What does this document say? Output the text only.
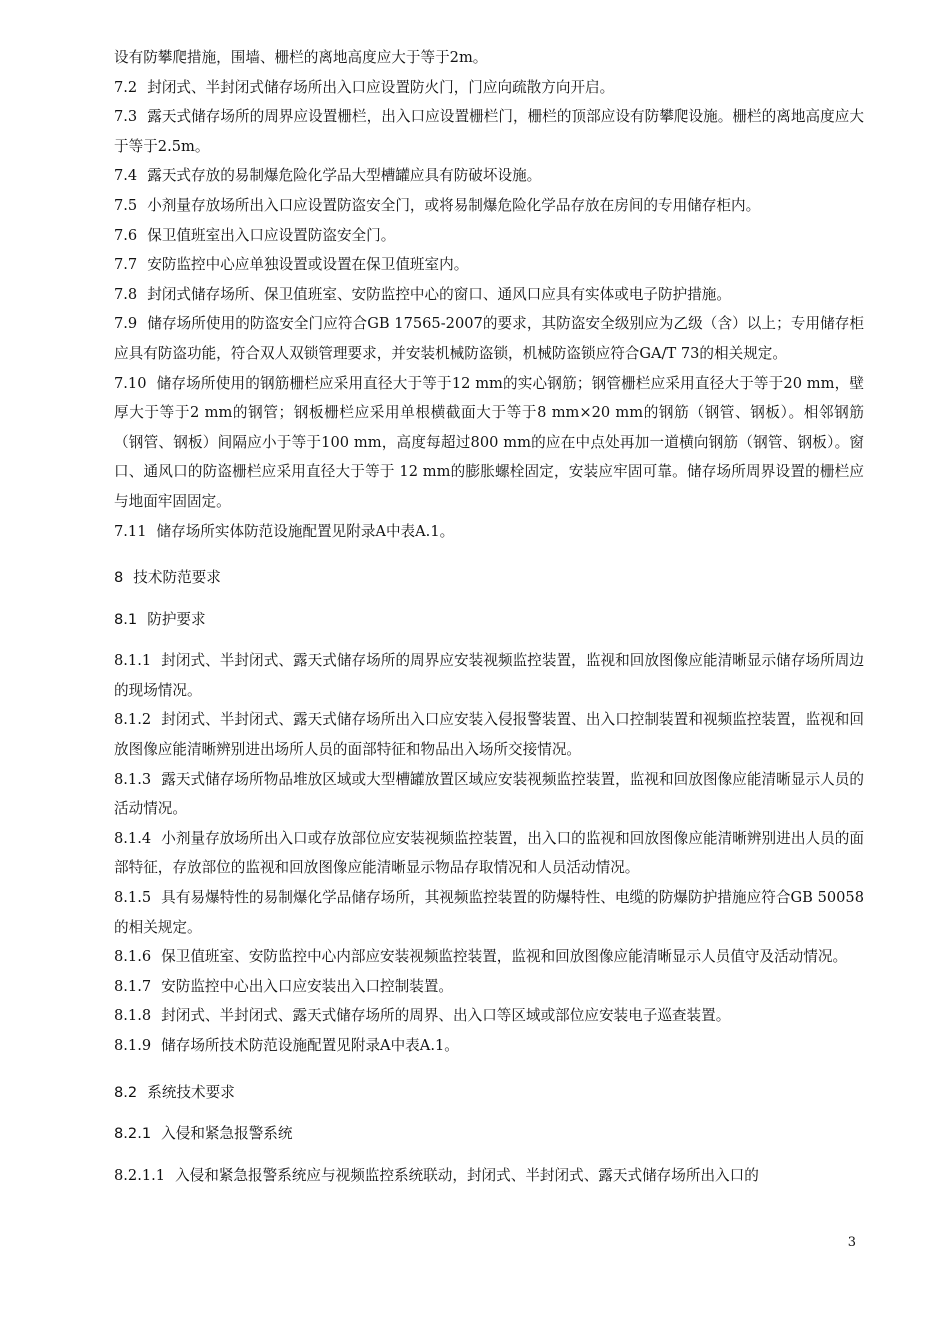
设有防攀爬措施，围墙、栅栏的离地高度应大于等于2m。

7.2 封闭式、半封闭式储存场所出入口应设置防火门，门应向疏散方向开启。

7.3 露天式储存场所的周界应设置栅栏，出入口应设置栅栏门，栅栏的顶部应设有防攀爬设施。栅栏的离地高度应大于等于2.5m。

7.4 露天式存放的易制爆危险化学品大型槽罐应具有防破坏设施。

7.5 小剂量存放场所出入口应设置防盗安全门，或将易制爆危险化学品存放在房间的专用储存柜内。

7.6 保卫值班室出入口应设置防盗安全门。

7.7 安防监控中心应单独设置或设置在保卫值班室内。

7.8 封闭式储存场所、保卫值班室、安防监控中心的窗口、通风口应具有实体或电子防护措施。

7.9 储存场所使用的防盗安全门应符合GB 17565-2007的要求，其防盗安全级别应为乙级（含）以上；专用储存柜应具有防盗功能，符合双人双锁管理要求，并安装机械防盗锁，机械防盗锁应符合GA/T 73的相关规定。

7.10 储存场所使用的钢筋栅栏应采用直径大于等于12 mm的实心钢筋；钢管栅栏应采用直径大于等于20 mm，壁厚大于等于2 mm的钢管；钢板栅栏应采用单根横截面大于等于8 mm×20 mm的钢筋（钢管、钢板）。相邻钢筋（钢管、钢板）间隔应小于等于100 mm，高度每超过800 mm的应在中点处再加一道横向钢筋（钢管、钢板）。窗口、通风口的防盗栅栏应采用直径大于等于 12 mm的膨胀螺栓固定，安装应牢固可靠。储存场所周界设置的栅栏应与地面牢固固定。

7.11 储存场所实体防范设施配置见附录A中表A.1。

8 技术防范要求

8.1 防护要求

8.1.1 封闭式、半封闭式、露天式储存场所的周界应安装视频监控装置，监视和回放图像应能清晰显示储存场所周边的现场情况。

8.1.2 封闭式、半封闭式、露天式储存场所出入口应安装入侵报警装置、出入口控制装置和视频监控装置，监视和回放图像应能清晰辨别进出场所人员的面部特征和物品出入场所交接情况。

8.1.3 露天式储存场所物品堆放区域或大型槽罐放置区域应安装视频监控装置，监视和回放图像应能清晰显示人员的活动情况。

8.1.4 小剂量存放场所出入口或存放部位应安装视频监控装置，出入口的监视和回放图像应能清晰辨别进出人员的面部特征，存放部位的监视和回放图像应能清晰显示物品存取情况和人员活动情况。

8.1.5 具有易爆特性的易制爆化学品储存场所，其视频监控装置的防爆特性、电缆的防爆防护措施应符合GB 50058的相关规定。

8.1.6 保卫值班室、安防监控中心内部应安装视频监控装置，监视和回放图像应能清晰显示人员值守及活动情况。

8.1.7 安防监控中心出入口应安装出入口控制装置。

8.1.8 封闭式、半封闭式、露天式储存场所的周界、出入口等区域或部位应安装电子巡查装置。

8.1.9 储存场所技术防范设施配置见附录A中表A.1。

8.2 系统技术要求

8.2.1 入侵和紧急报警系统

8.2.1.1 入侵和紧急报警系统应与视频监控系统联动，封闭式、半封闭式、露天式储存场所出入口的

3
